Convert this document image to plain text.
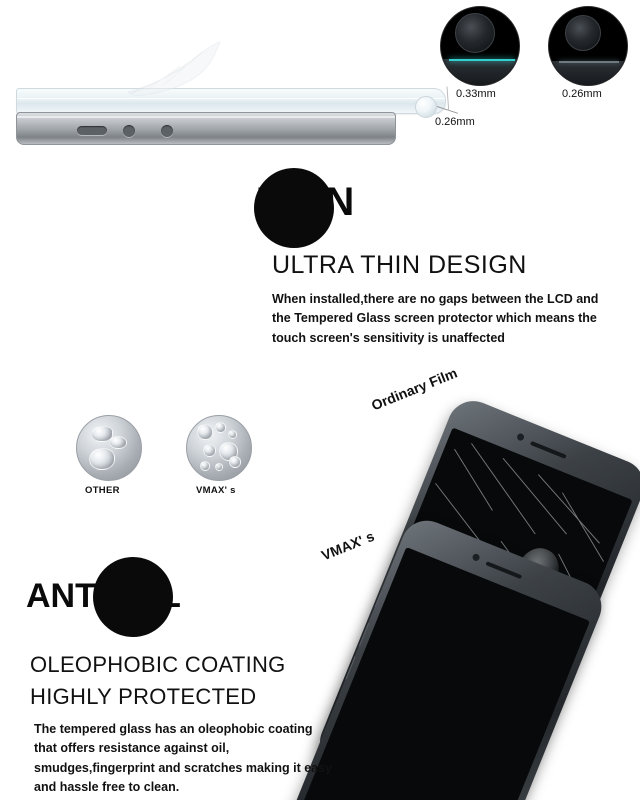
0.33mm	0.26mm
0.26mm
THIN
ULTRA THIN DESIGN
When installed,there are no gaps between the LCD and the Tempered Glass screen protector which means the touch screen's sensitivity is unaffected
OTHER	VMAX' s
Ordinary Film
VMAX' s
ANTI–OIL
OLEOPHOBIC COATING
HIGHLY PROTECTED
The tempered glass has an oleophobic coating that offers resistance against oil, smudges,fingerprint and scratches making it easy and hassle free to clean.
